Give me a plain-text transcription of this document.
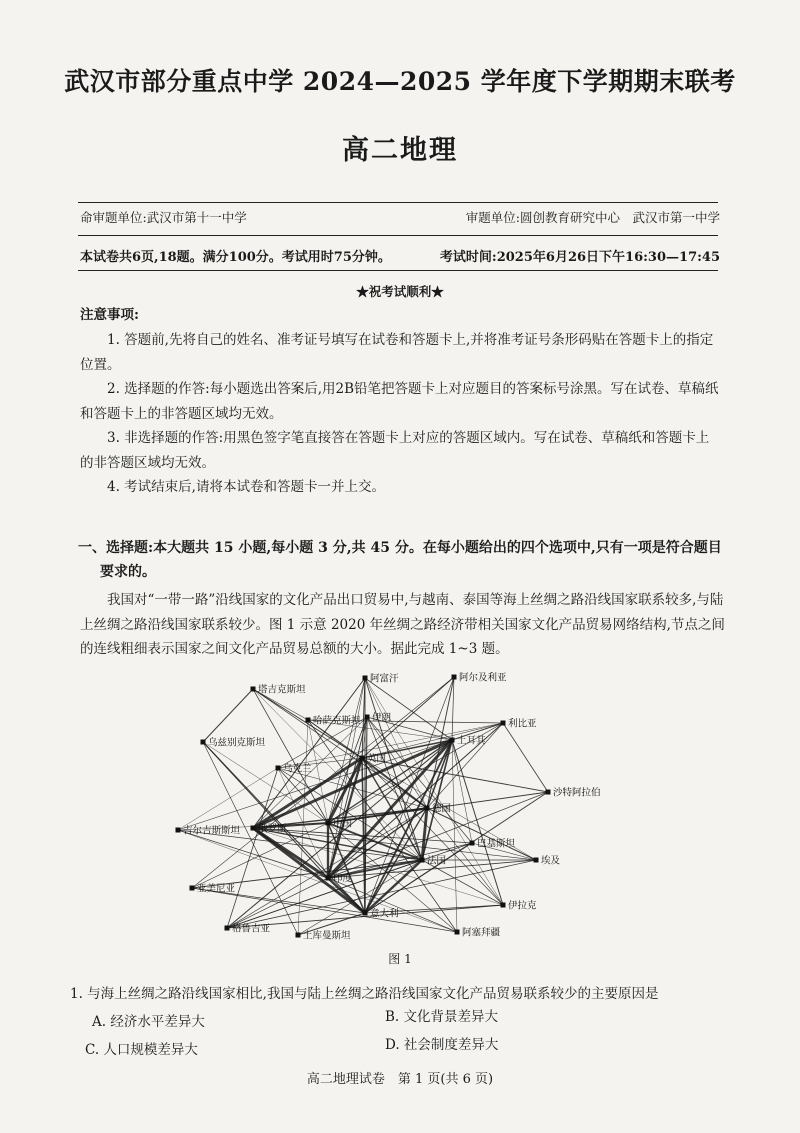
武汉市部分重点中学 2024—2025 学年度下学期期末联考
高二地理
命审题单位:武汉市第十一中学	审题单位:圆创教育研究中心　武汉市第一中学
本试卷共6页,18题。满分100分。考试用时75分钟。	考试时间:2025年6月26日下午16:30—17:45
★祝考试顺利★
注意事项:
1. 答题前,先将自己的姓名、准考证号填写在试卷和答题卡上,并将准考证号条形码贴在答题卡上的指定位置。
2. 选择题的作答:每小题选出答案后,用2B铅笔把答题卡上对应题目的答案标号涂黑。写在试卷、草稿纸和答题卡上的非答题区域均无效。
3. 非选择题的作答:用黑色签字笔直接答在答题卡上对应的答题区域内。写在试卷、草稿纸和答题卡上的非答题区域均无效。
4. 考试结束后,请将本试卷和答题卡一并上交。
一、选择题:本大题共 15 小题,每小题 3 分,共 45 分。在每小题给出的四个选项中,只有一项是符合题目
要求的。
我国对“一带一路”沿线国家的文化产品出口贸易中,与越南、泰国等海上丝绸之路沿线国家联系较多,与陆上丝绸之路沿线国家联系较少。图 1 示意 2020 年丝绸之路经济带相关国家文化产品贸易网络结构,节点之间的连线粗细表示国家之间文化产品贸易总额的大小。据此完成 1~3 题。
塔吉克斯坦
阿富汗	阿尔及利亚
哈萨克斯坦 伊朗
利比亚
乌兹别克斯坦	土耳其
乌克兰
英国
沙特阿拉伯
德国
吉尔吉斯斯坦 俄罗斯	中国
巴基斯坦
法国	埃及
印度
亚美尼亚
伊拉克
意大利
格鲁吉亚
土库曼斯坦	阿塞拜疆
图 1
1. 与海上丝绸之路沿线国家相比,我国与陆上丝绸之路沿线国家文化产品贸易联系较少的主要原因是
A. 经济水平差异大	B. 文化背景差异大
C. 人口规模差异大	D. 社会制度差异大
高二地理试卷　第 1 页(共 6 页)
